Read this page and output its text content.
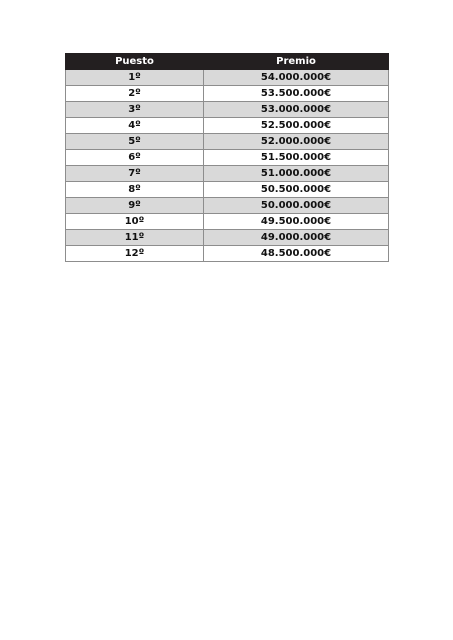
Puesto	Premio
1º	54.000.000€
2º	53.500.000€
3º	53.000.000€
4º	52.500.000€
5º	52.000.000€
6º	51.500.000€
7º	51.000.000€
8º	50.500.000€
9º	50.000.000€
10º	49.500.000€
11º	49.000.000€
12º	48.500.000€
